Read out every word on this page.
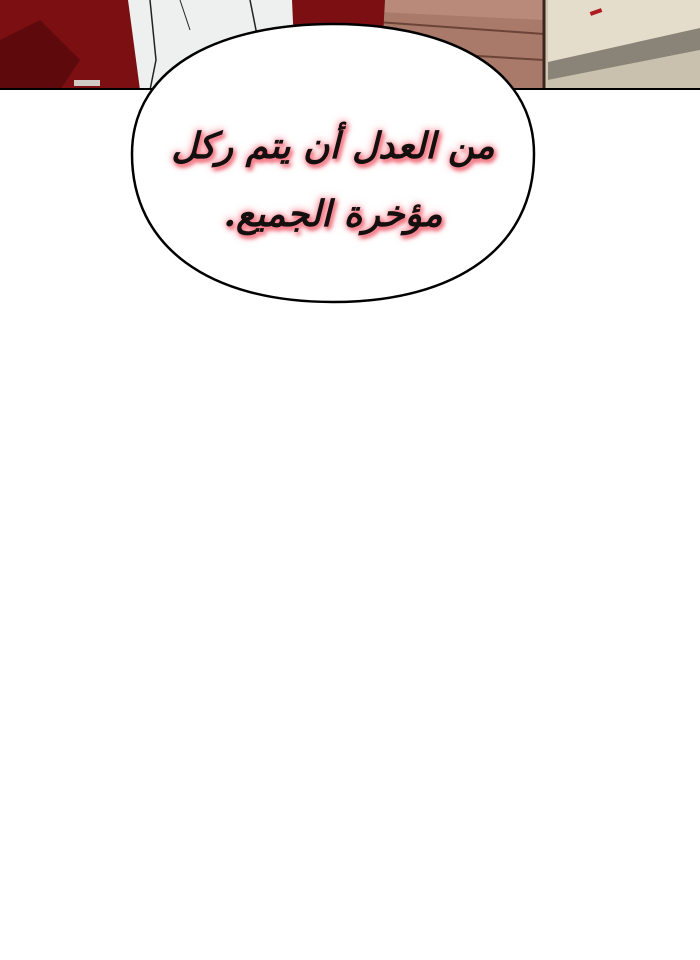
من العدل أن يتم ركل
مؤخرة الجميع.
